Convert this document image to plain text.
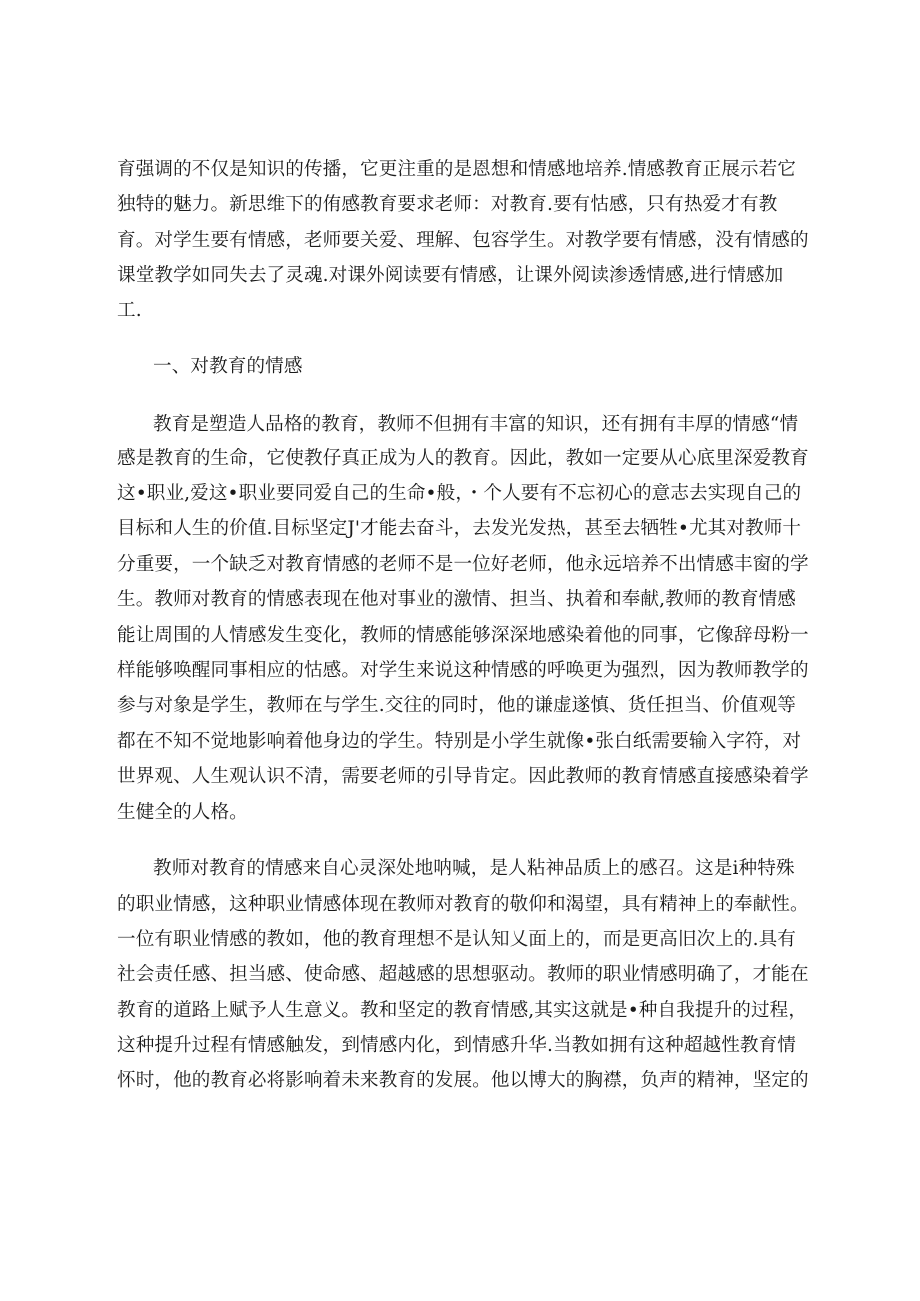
育强调的不仅是知识的传播，它更注重的是恩想和情感地培养.情感教育正展示若它
独特的魅力。新思维下的侑感教育要求老师：对教育.要有怙感，只有热爱才有教
育。对学生要有情感，老师要关爱、理解、包容学生。对教学要有情感，没有情感的
课堂教学如同失去了灵魂.对课外阅读要有情感，让课外阅读渗透情感,进行情感加
工.
一、对教育的情感
教育是塑造人品格的教育，教师不但拥有丰富的知识，还有拥有丰厚的情感“情
感是教育的生命，它使教仔真正成为人的教育。因此，教如一定要从心底里深爱教育
这•职业,爱这•职业要同爱自己的生命•般，・个人要有不忘初心的意志去实现自己的
目标和人生的价值.目标坚定J'才能去奋斗，去发光发热，甚至去牺牲•尤其对教师十
分重要，一个缺乏对教育情感的老师不是一位好老师，他永远培养不出情感丰窗的学
生。教师对教育的情感表现在他对事业的激情、担当、执着和奉献,教师的教育情感
能让周围的人情感发生变化，教师的情感能够深深地感染着他的同事，它像辞母粉一
样能够唤醒同事相应的怙感。对学生来说这种情感的呼唤更为强烈，因为教师教学的
参与对象是学生，教师在与学生.交往的同时，他的谦虚遂慎、货任担当、价值观等
都在不知不觉地影响着他身边的学生。特别是小学生就像•张白纸需要输入字符，对
世界观、人生观认识不清，需要老师的引导肯定。因此教师的教育情感直接感染着学
生健全的人格。
教师对教育的情感来自心灵深处地呐喊，是人粘神品质上的感召。这是i种特殊
的职业情感，这种职业情感体现在教师对教育的敬仰和渴望，具有精神上的奉献性。
一位有职业情感的教如，他的教育理想不是认知乂面上的，而是更高旧次上的.具有
社会责任感、担当感、使命感、超越感的思想驱动。教师的职业情感明确了，才能在
教育的道路上赋予人生意义。教和坚定的教育情感,其实这就是•种自我提升的过程，
这种提升过程有情感触发，到情感内化，到情感升华.当教如拥有这种超越性教育情
怀时，他的教育必将影响着未来教育的发展。他以博大的胸襟，负声的精神，坚定的
